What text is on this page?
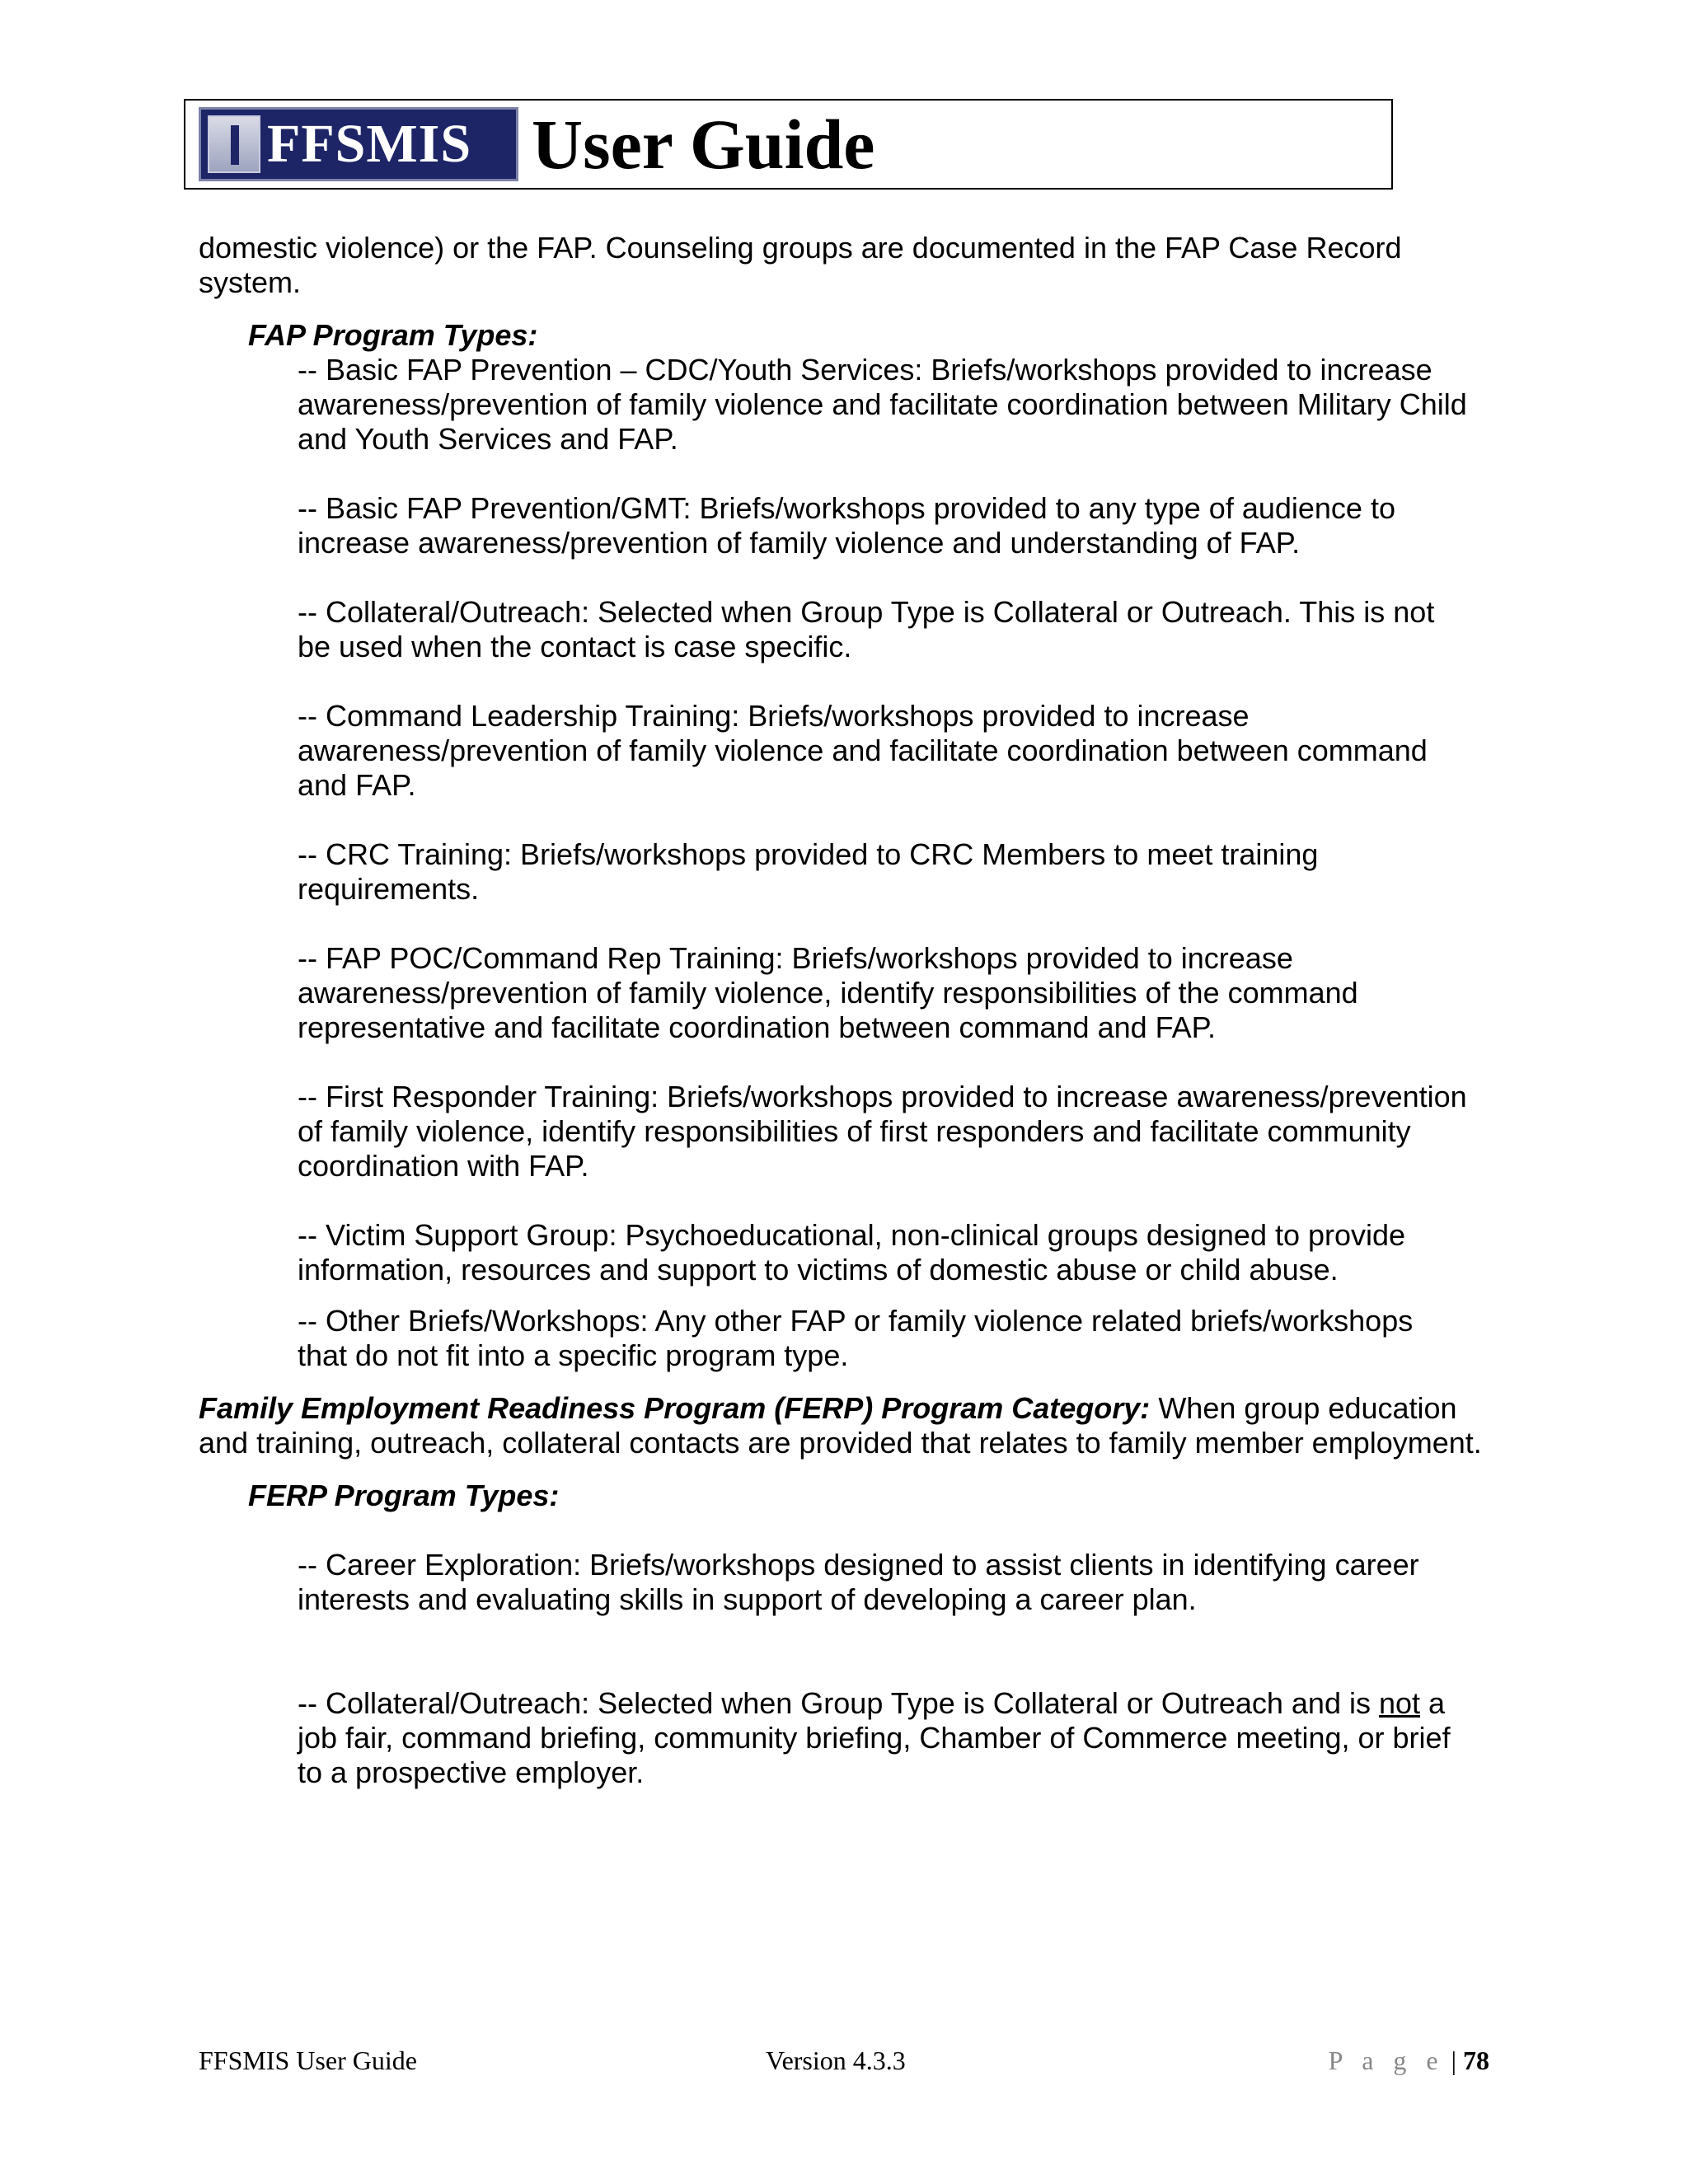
FFSMIS User Guide

domestic violence) or the FAP. Counseling groups are documented in the FAP Case Record system.

FAP Program Types:

-- Basic FAP Prevention – CDC/Youth Services: Briefs/workshops provided to increase awareness/prevention of family violence and facilitate coordination between Military Child and Youth Services and FAP.

-- Basic FAP Prevention/GMT: Briefs/workshops provided to any type of audience to increase awareness/prevention of family violence and understanding of FAP.

-- Collateral/Outreach: Selected when Group Type is Collateral or Outreach. This is not be used when the contact is case specific.

-- Command Leadership Training: Briefs/workshops provided to increase awareness/prevention of family violence and facilitate coordination between command and FAP.

-- CRC Training: Briefs/workshops provided to CRC Members to meet training requirements.

-- FAP POC/Command Rep Training: Briefs/workshops provided to increase awareness/prevention of family violence, identify responsibilities of the command representative and facilitate coordination between command and FAP.

-- First Responder Training: Briefs/workshops provided to increase awareness/prevention of family violence, identify responsibilities of first responders and facilitate community coordination with FAP.

-- Victim Support Group: Psychoeducational, non-clinical groups designed to provide information, resources and support to victims of domestic abuse or child abuse.

-- Other Briefs/Workshops: Any other FAP or family violence related briefs/workshops that do not fit into a specific program type.

Family Employment Readiness Program (FERP) Program Category: When group education and training, outreach, collateral contacts are provided that relates to family member employment.

FERP Program Types:

-- Career Exploration: Briefs/workshops designed to assist clients in identifying career interests and evaluating skills in support of developing a career plan.

-- Collateral/Outreach: Selected when Group Type is Collateral or Outreach and is not a job fair, command briefing, community briefing, Chamber of Commerce meeting, or brief to a prospective employer.

FFSMIS User Guide	Version 4.3.3	P a g e | 78
